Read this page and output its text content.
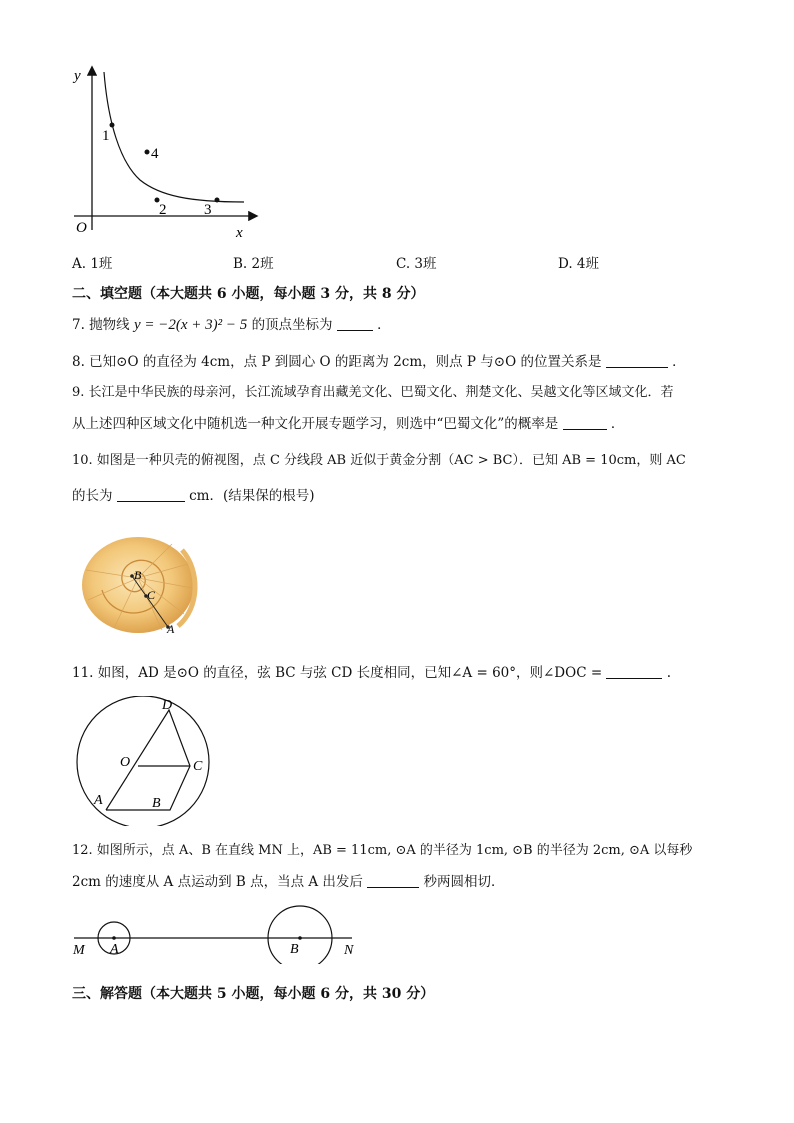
y
x
O
1
4
2	3
A. 1班	B. 2班	C. 3班	D. 4班
二、填空题（本大题共 6 小题，每小题 3 分，共 8 分）
7. 抛物线 y = −2(x + 3)² − 5 的顶点坐标为	．
8. 已知⊙O 的直径为 4cm，点 P 到圆心 O 的距离为 2cm，则点 P 与⊙O 的位置关系是	．
9. 长江是中华民族的母亲河，长江流域孕育出藏羌文化、巴蜀文化、荆楚文化、吴越文化等区域文化．若
从上述四种区域文化中随机选一种文化开展专题学习，则选中“巴蜀文化”的概率是	．
10. 如图是一种贝壳的俯视图，点 C 分线段 AB 近似于黄金分割（AC > BC）．已知 AB = 10cm，则 AC
的长为	cm．(结果保的根号)
B
C
A
11. 如图，AD 是⊙O 的直径，弦 BC 与弦 CD 长度相同，已知∠A = 60°，则∠DOC =	.
D
O	C
A	B
12. 如图所示，点 A、B 在直线 MN 上，AB = 11cm, ⊙A 的半径为 1cm, ⊙B 的半径为 2cm, ⊙A 以每秒
2cm 的速度从 A 点运动到 B 点，当点 A 出发后	秒两圆相切．
M A	B	N
三、解答题（本大题共 5 小题，每小题 6 分，共 30 分）
